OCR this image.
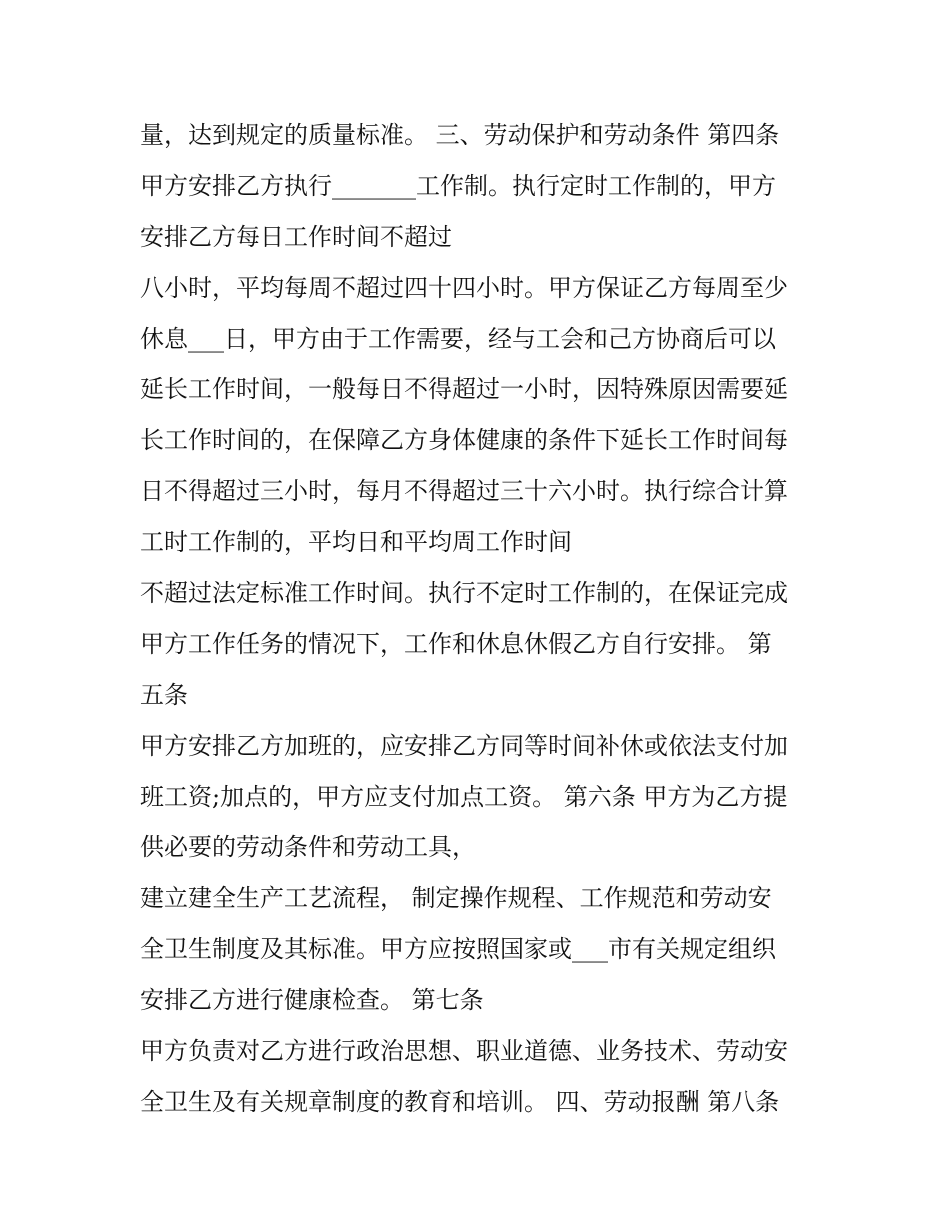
量，达到规定的质量标准。 三、劳动保护和劳动条件 第四条
甲方安排乙方执行_______工作制。执行定时工作制的，甲方
安排乙方每日工作时间不超过
八小时，平均每周不超过四十四小时。甲方保证乙方每周至少
休息___日，甲方由于工作需要，经与工会和己方协商后可以
延长工作时间，一般每日不得超过一小时，因特殊原因需要延
长工作时间的，在保障乙方身体健康的条件下延长工作时间每
日不得超过三小时，每月不得超过三十六小时。执行综合计算
工时工作制的，平均日和平均周工作时间
不超过法定标准工作时间。执行不定时工作制的，在保证完成
甲方工作任务的情况下，工作和休息休假乙方自行安排。 第
五条
甲方安排乙方加班的，应安排乙方同等时间补休或依法支付加
班工资;加点的，甲方应支付加点工资。 第六条 甲方为乙方提
供必要的劳动条件和劳动工具，
建立建全生产工艺流程， 制定操作规程、工作规范和劳动安
全卫生制度及其标准。甲方应按照国家或___市有关规定组织
安排乙方进行健康检查。 第七条
甲方负责对乙方进行政治思想、职业道德、业务技术、劳动安
全卫生及有关规章制度的教育和培训。 四、劳动报酬 第八条
